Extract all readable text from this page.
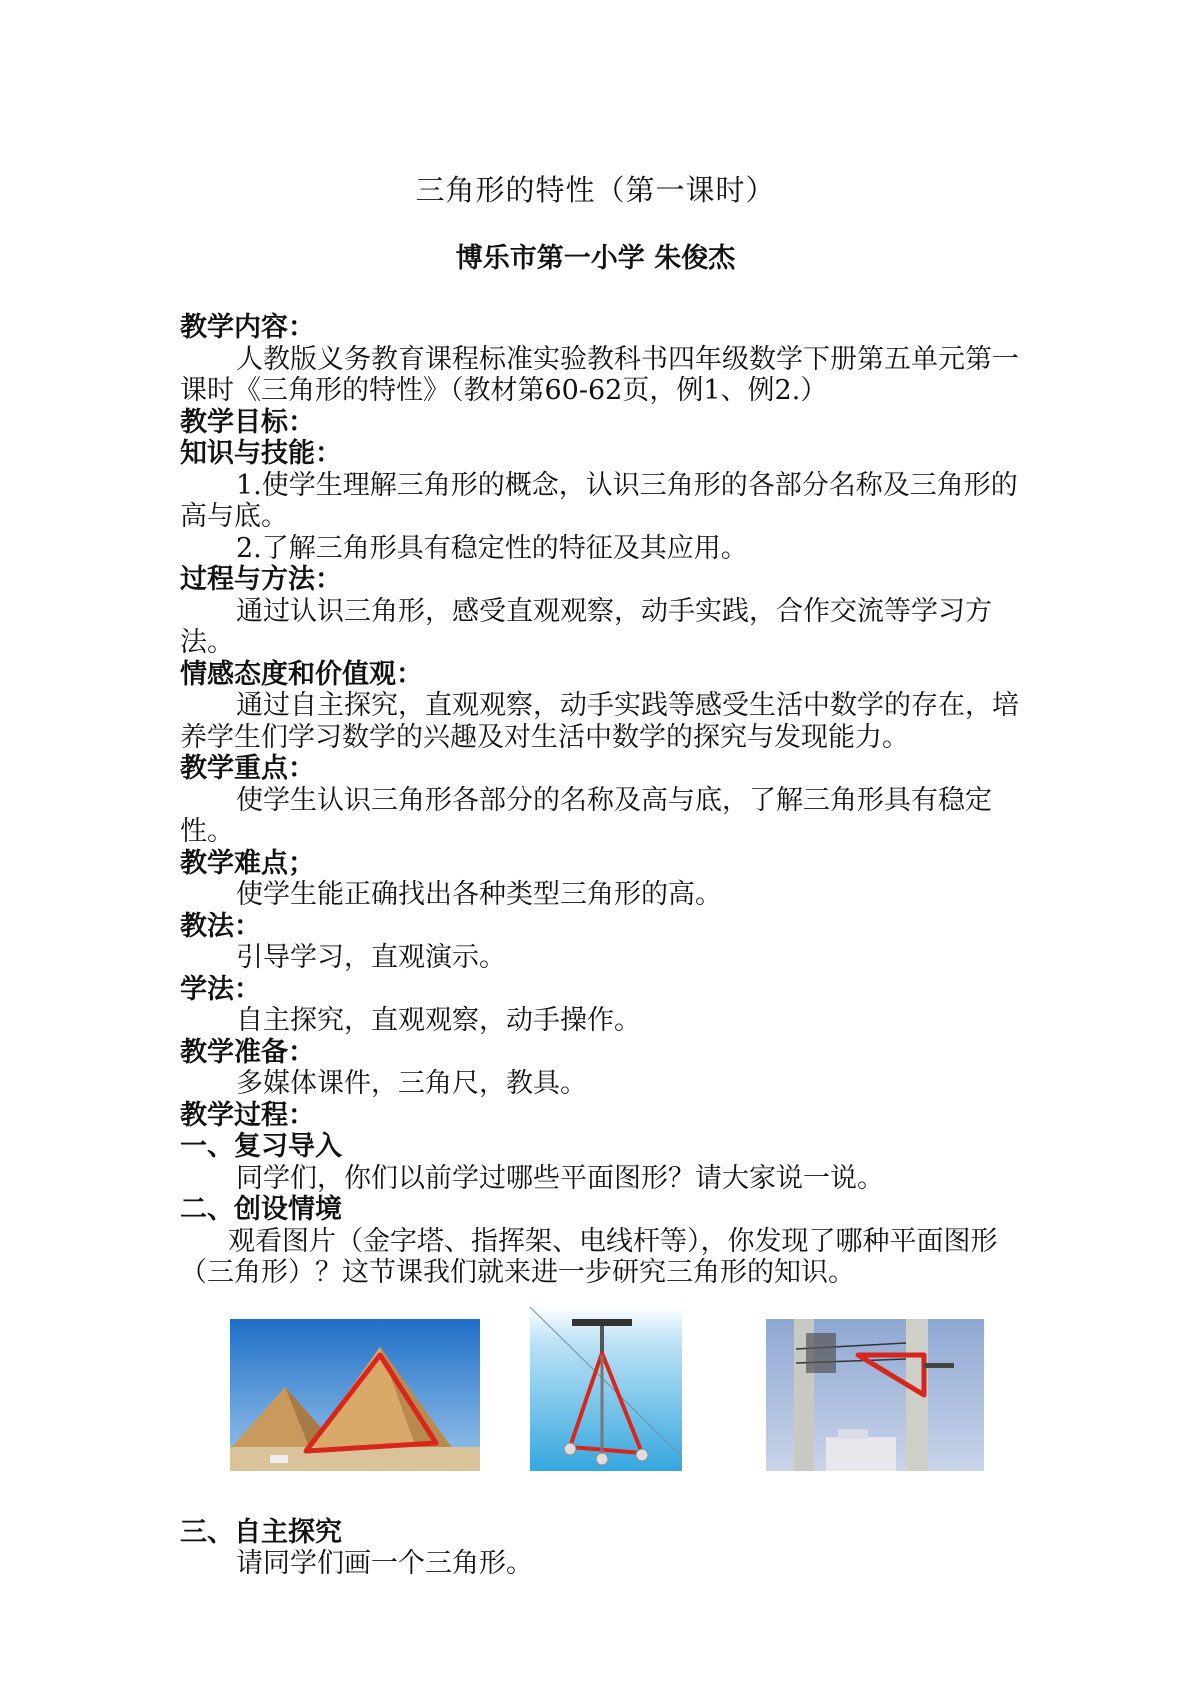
三角形的特性（第一课时）
博乐市第一小学 朱俊杰
教学内容：
人教版义务教育课程标准实验教科书四年级数学下册第五单元第一课时《三角形的特性》（教材第60-62页，例1、例2.）
教学目标：
知识与技能：
1.使学生理解三角形的概念，认识三角形的各部分名称及三角形的高与底。
2.了解三角形具有稳定性的特征及其应用。
过程与方法：
通过认识三角形，感受直观观察，动手实践，合作交流等学习方法。
情感态度和价值观：
通过自主探究，直观观察，动手实践等感受生活中数学的存在，培养学生们学习数学的兴趣及对生活中数学的探究与发现能力。
教学重点：
使学生认识三角形各部分的名称及高与底，了解三角形具有稳定性。
教学难点；
使学生能正确找出各种类型三角形的高。
教法：
引导学习，直观演示。
学法：
自主探究，直观观察，动手操作。
教学准备：
多媒体课件，三角尺，教具。
教学过程：
一、复习导入
同学们，你们以前学过哪些平面图形？请大家说一说。
二、创设情境
观看图片（金字塔、指挥架、电线杆等），你发现了哪种平面图形（三角形）？这节课我们就来进一步研究三角形的知识。
三、自主探究
请同学们画一个三角形。
